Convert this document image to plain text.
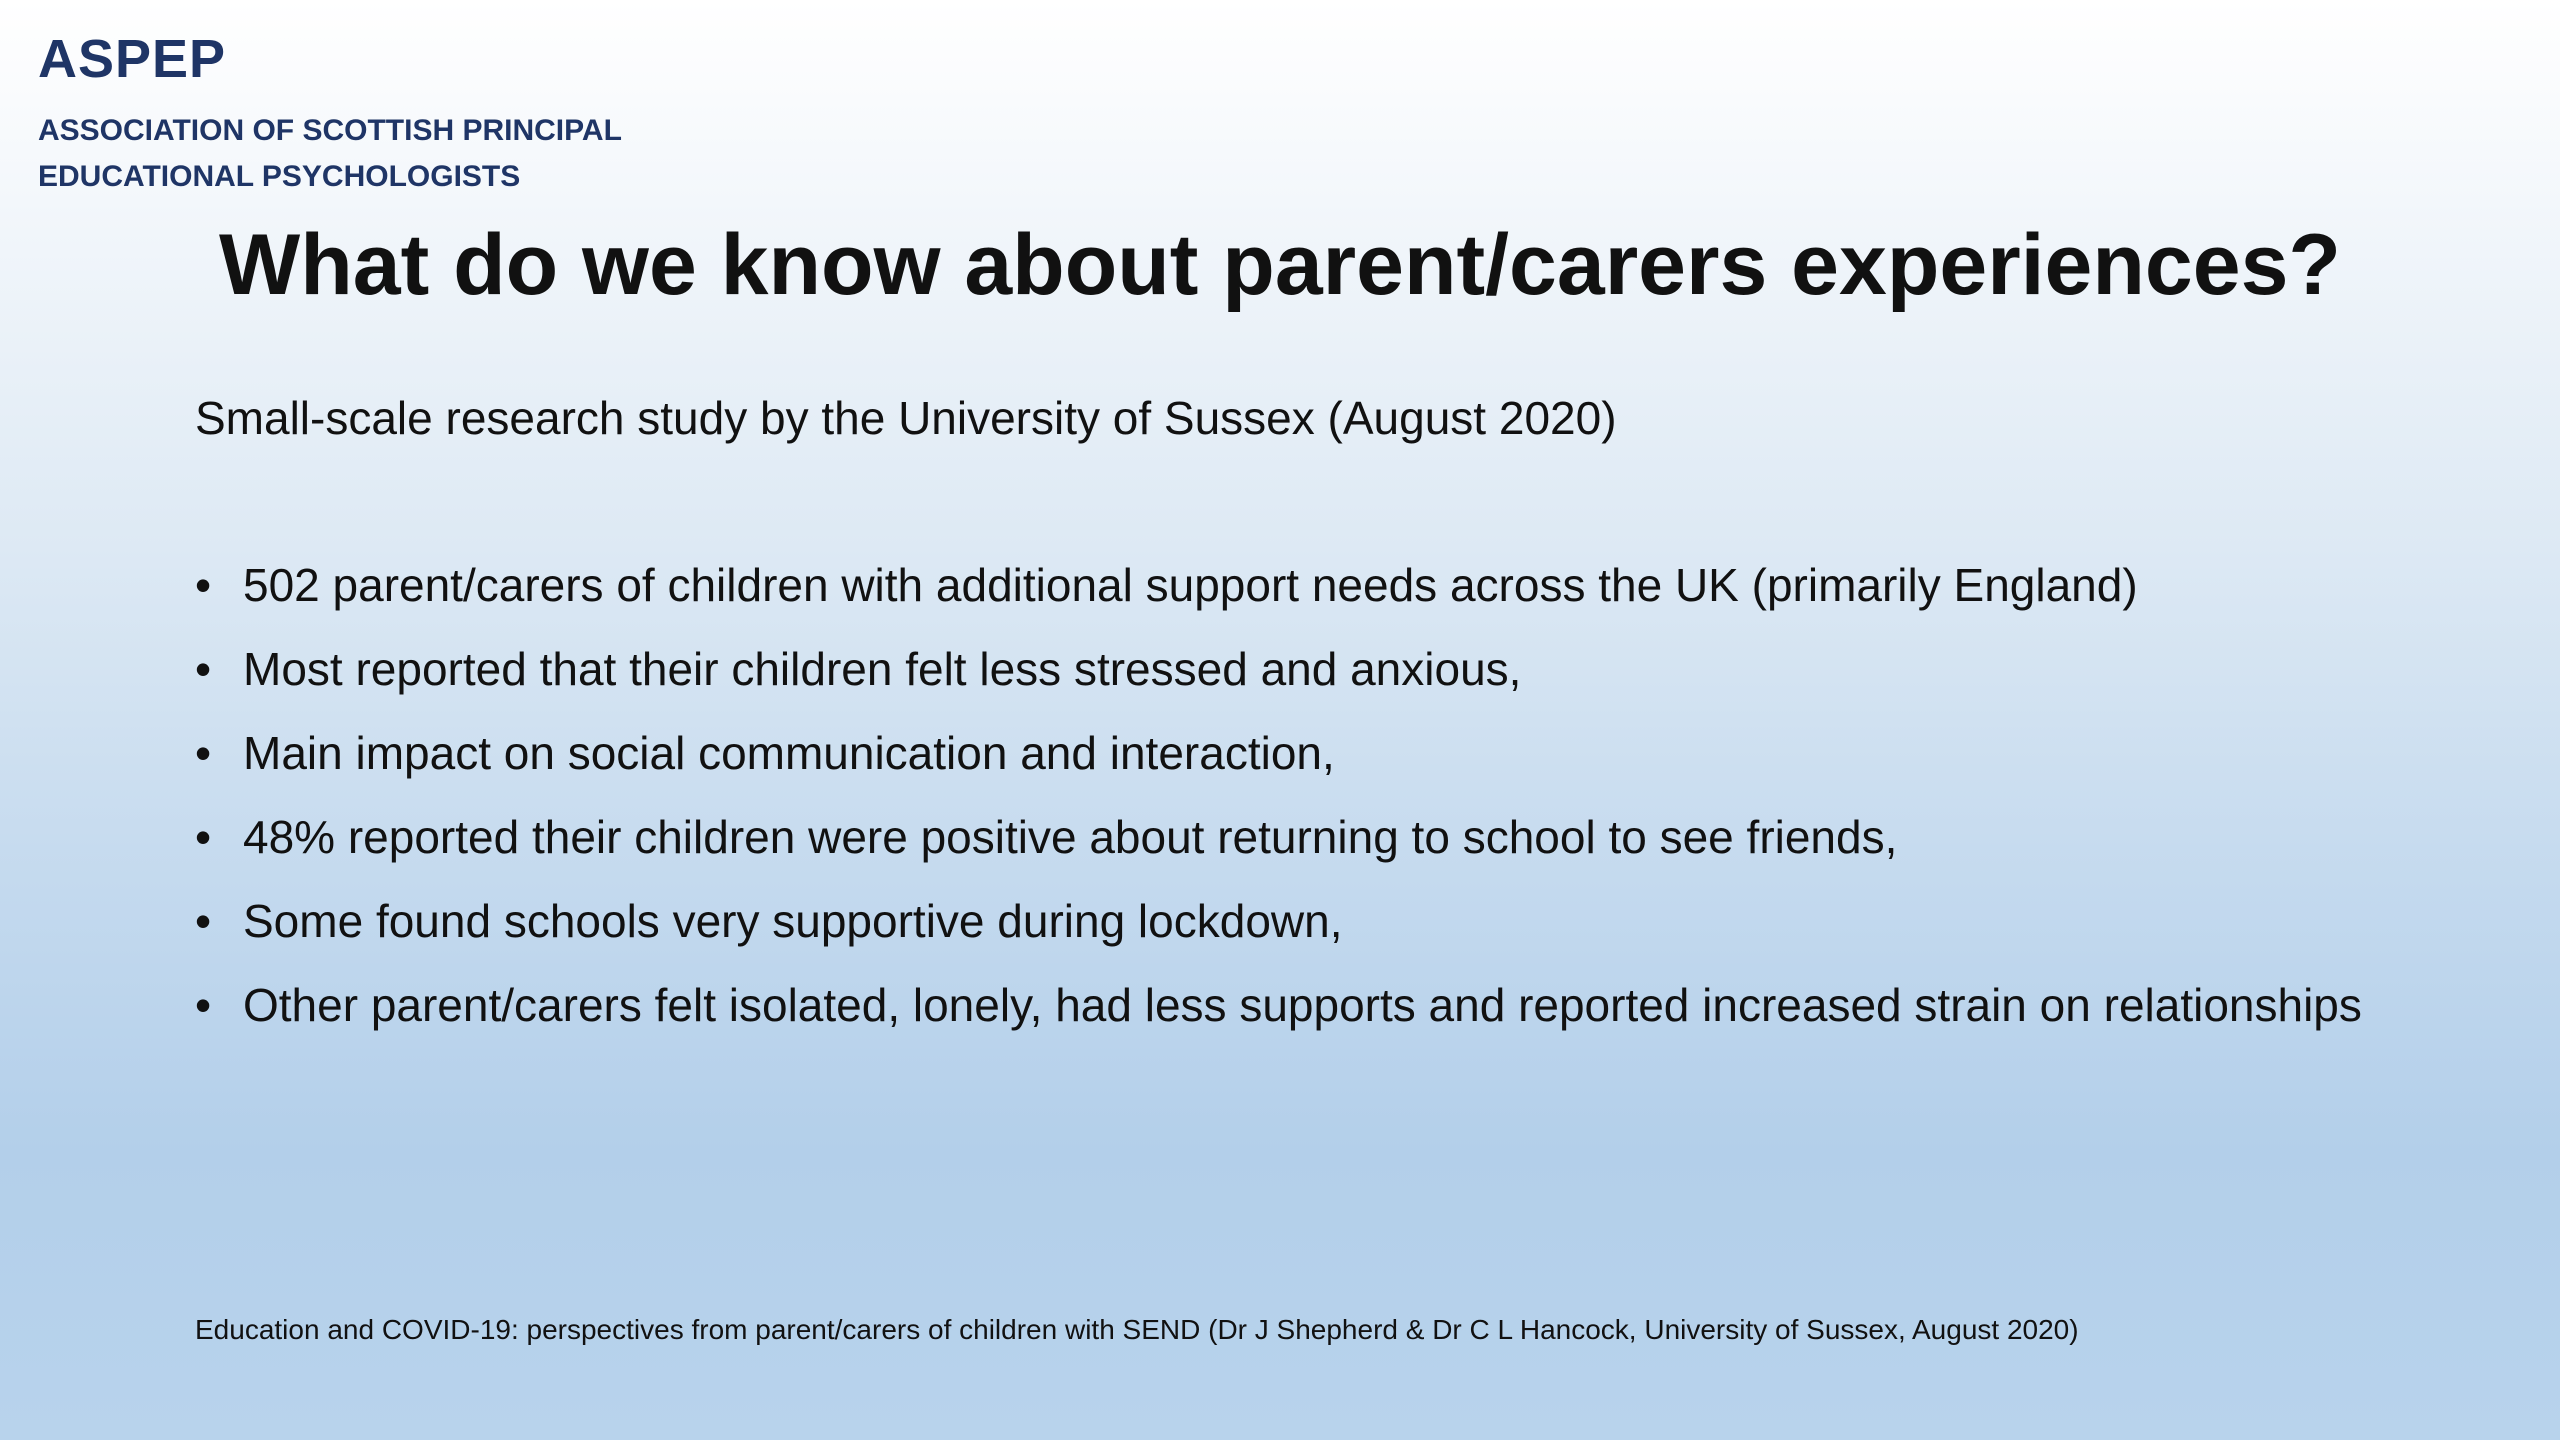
ASPEP
ASSOCIATION OF SCOTTISH PRINCIPAL
EDUCATIONAL PSYCHOLOGISTS
What do we know about parent/carers experiences?
Small-scale research study by the University of Sussex (August 2020)
• 502 parent/carers of children with additional support needs across the UK (primarily England)
• Most reported that their children felt less stressed and anxious,
• Main impact on social communication and interaction,
• 48% reported their children were positive about returning to school to see friends,
• Some found schools very supportive during lockdown,
• Other parent/carers felt isolated, lonely, had less supports and reported increased strain on relationships
Education and COVID-19: perspectives from parent/carers of children with SEND (Dr J Shepherd & Dr C L Hancock, University of Sussex, August 2020)
